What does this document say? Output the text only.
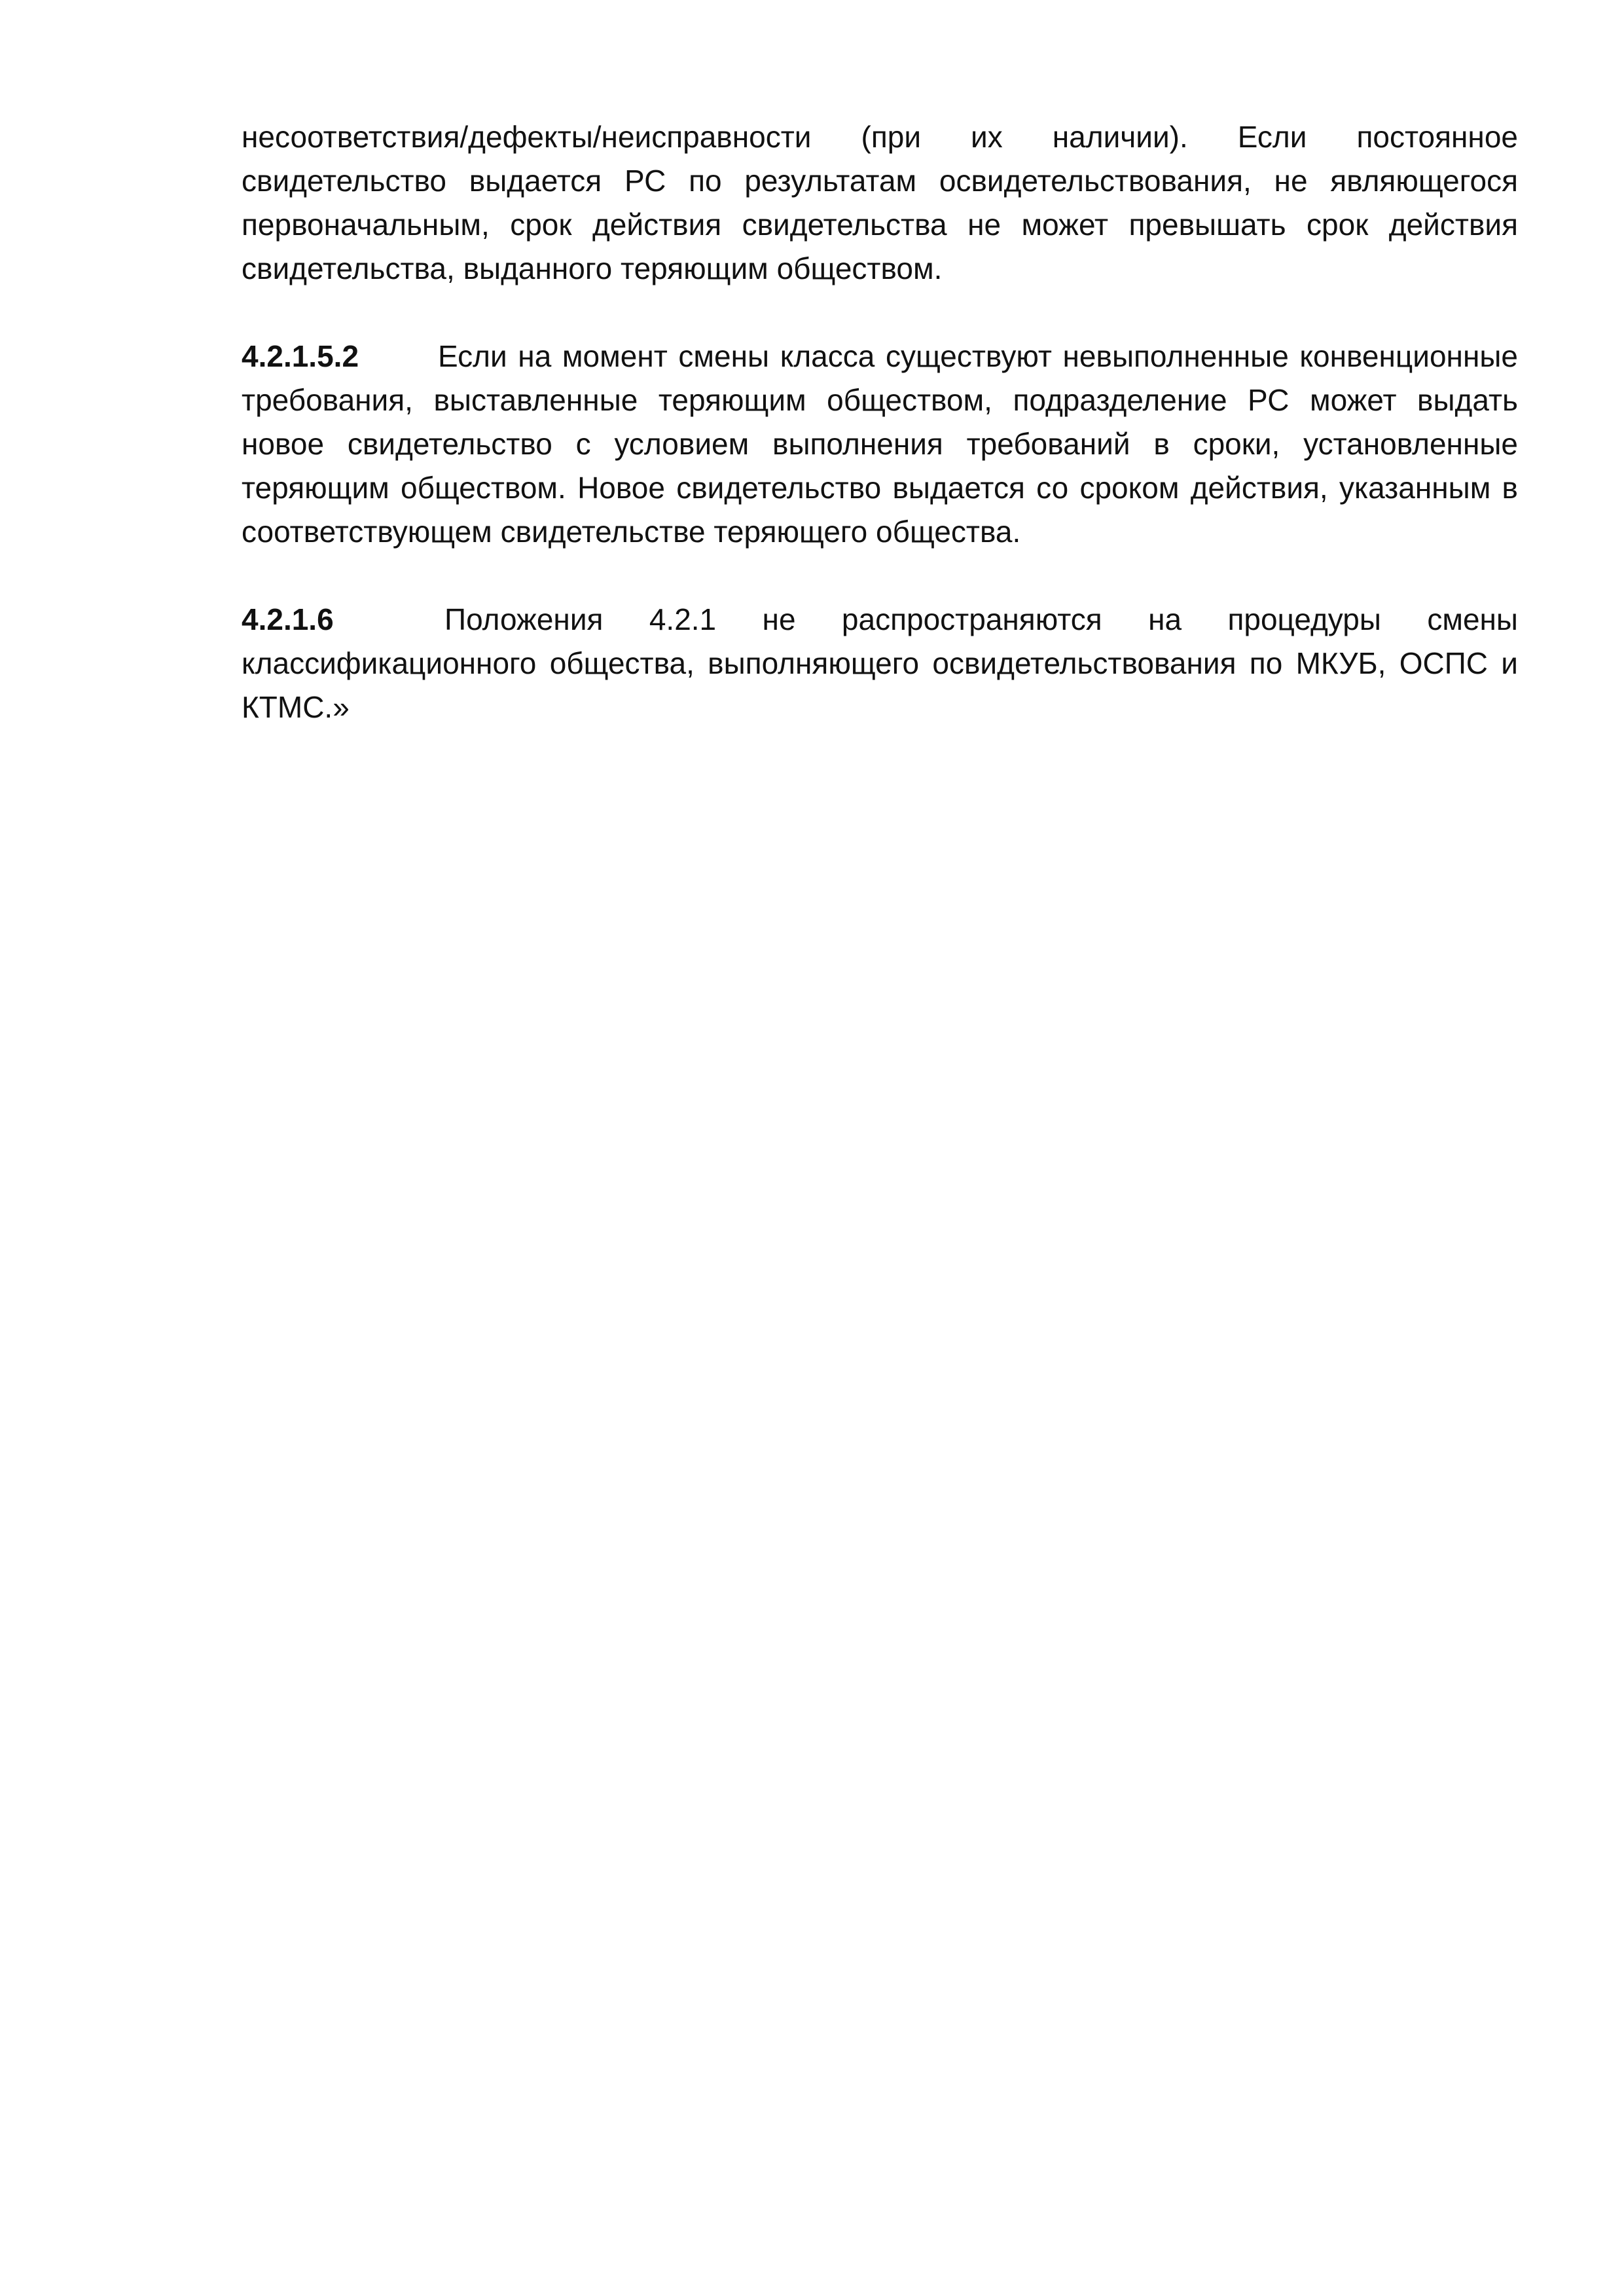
несоответствия/дефекты/неисправности (при их наличии). Если постоянное свидетельство выдается РС по результатам освидетельствования, не являющегося первоначальным, срок действия свидетельства не может превышать срок действия свидетельства, выданного теряющим обществом.

4.2.1.5.2	Если на момент смены класса существуют невыполненные конвенционные требования, выставленные теряющим обществом, подразделение РС может выдать новое свидетельство с условием выполнения требований в сроки, установленные теряющим обществом. Новое свидетельство выдается со сроком действия, указанным в соответствующем свидетельстве теряющего общества.

4.2.1.6	Положения 4.2.1 не распространяются на процедуры смены классификационного общества, выполняющего освидетельствования по МКУБ, ОСПС и КТМС.»
